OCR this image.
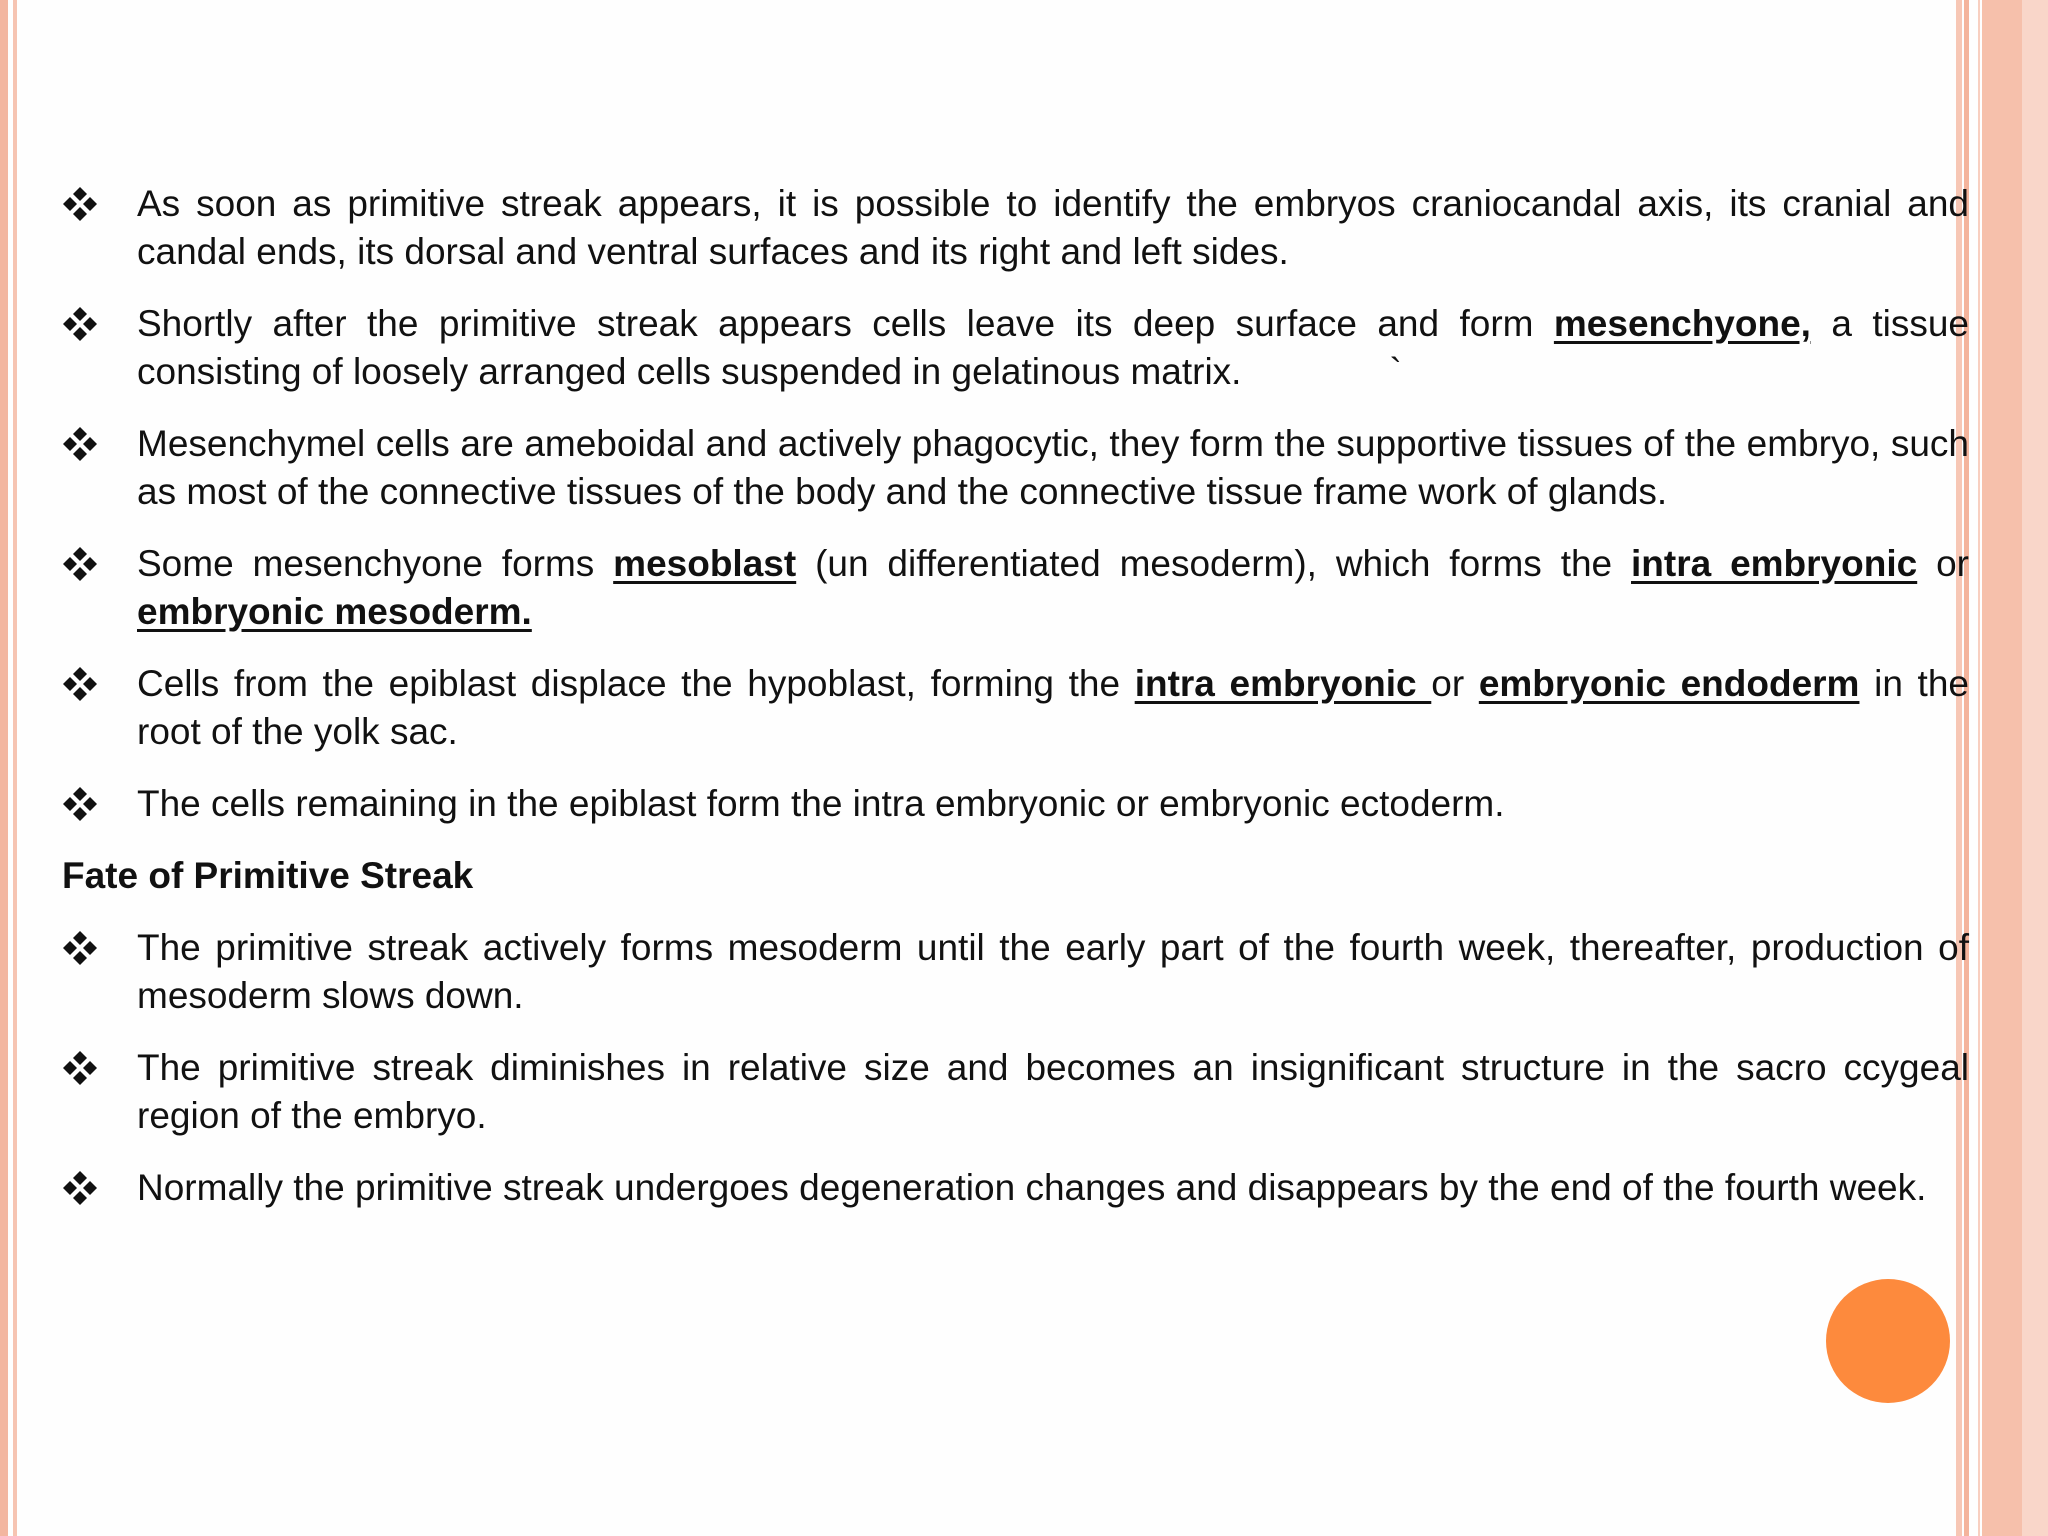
As soon as primitive streak appears, it is possible to identify the embryos craniocandal axis, its cranial and candal ends, its dorsal and ventral surfaces and its right and left sides.
Shortly after the primitive streak appears cells leave its deep surface and form mesenchyone, a tissue consisting of loosely arranged cells suspended in gelatinous matrix.	`
Mesenchymel cells are ameboidal and actively phagocytic, they form the supportive tissues of the embryo, such as most of the connective tissues of the body and the connective tissue frame work of glands.
Some mesenchyone forms mesoblast (un differentiated mesoderm), which forms the intra embryonic or embryonic mesoderm.
Cells from the epiblast displace the hypoblast, forming the intra embryonic or embryonic endoderm in the root of the yolk sac.
The cells remaining in the epiblast form the intra embryonic or embryonic ectoderm.
Fate of Primitive Streak
The primitive streak actively forms mesoderm until the early part of the fourth week, thereafter, production of mesoderm slows down.
The primitive streak diminishes in relative size and becomes an insignificant structure in the sacro ccygeal region of the embryo.
Normally the primitive streak undergoes degeneration changes and disappears by the end of the fourth week.
